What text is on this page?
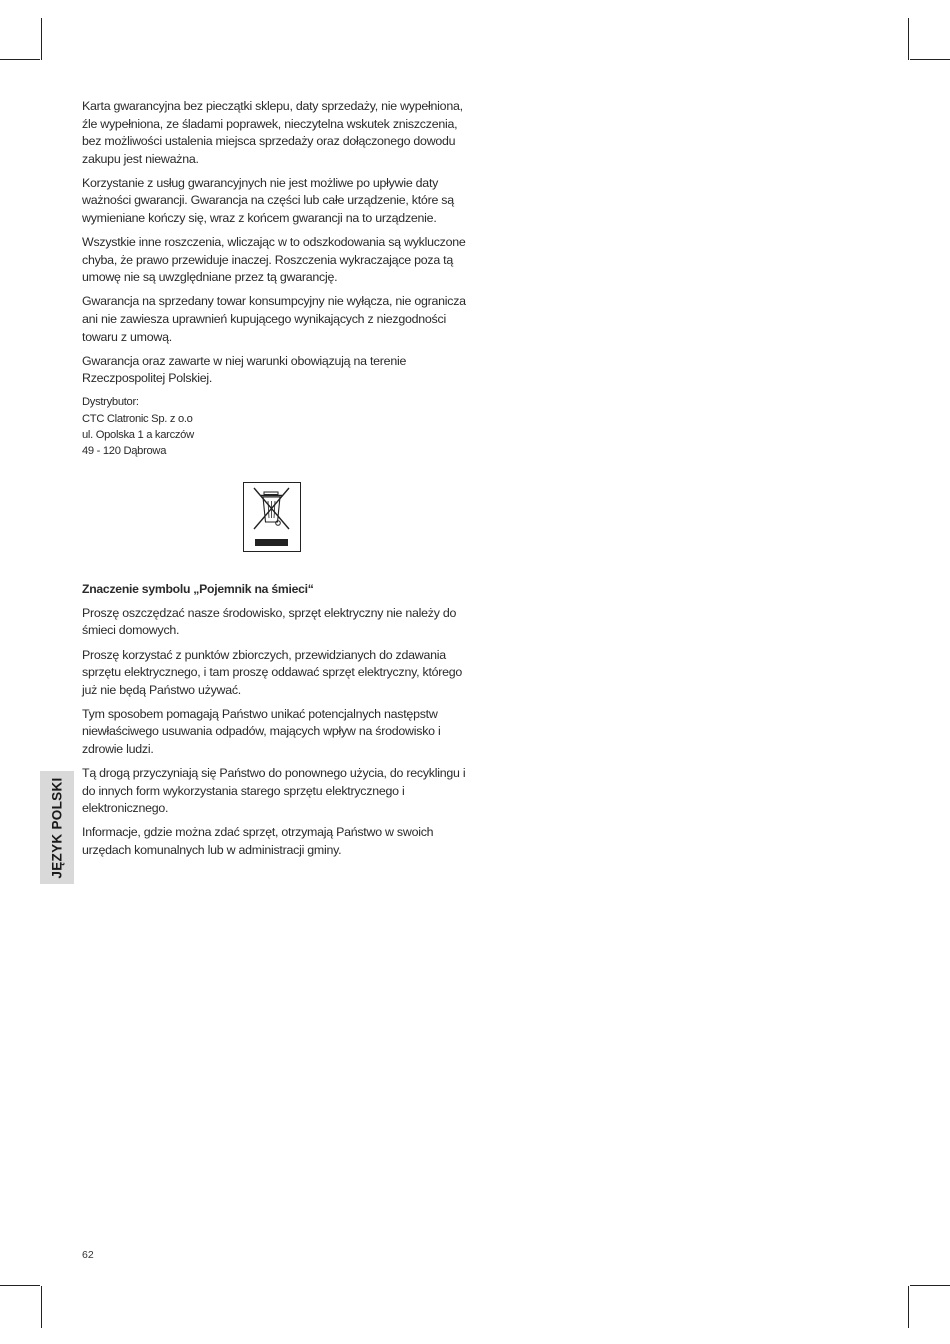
Karta gwarancyjna bez pieczątki sklepu, daty sprzedaży, nie wypełniona, źle wypełniona, ze śladami poprawek, nieczytelna wskutek zniszczenia, bez możliwości ustalenia miejsca sprzedaży oraz dołączonego dowodu zakupu jest nieważna.

Korzystanie z usług gwarancyjnych nie jest możliwe po upływie daty ważności gwarancji. Gwarancja na części lub całe urządzenie, które są wymieniane kończy się, wraz z końcem gwarancji na to urządzenie.

Wszystkie inne roszczenia, wliczając w to odszkodowania są wykluczone chyba, że prawo przewiduje inaczej. Roszczenia wykraczające poza tą umowę nie są uwzględniane przez tą gwarancję.

Gwarancja na sprzedany towar konsumpcyjny nie wyłącza, nie ogranicza ani nie zawiesza uprawnień kupującego wynikających z niezgodności towaru z umową.

Gwarancja oraz zawarte w niej warunki obowiązują na terenie Rzeczpospolitej Polskiej.

Dystrybutor:
CTC Clatronic Sp. z o.o
ul. Opolska 1 a karczów
49 - 120 Dąbrowa

Znaczenie symbolu „Pojemnik na śmieci“

Proszę oszczędzać nasze środowisko, sprzęt elektryczny nie należy do śmieci domowych.

Proszę korzystać z punktów zbiorczych, przewidzianych do zdawania sprzętu elektrycznego, i tam proszę oddawać sprzęt elektryczny, którego już nie będą Państwo używać.

Tym sposobem pomagają Państwo unikać potencjalnych następstw niewłaściwego usuwania odpadów, mających wpływ na środowisko i zdrowie ludzi.

Tą drogą przyczyniają się Państwo do ponownego użycia, do recyklingu i do innych form wykorzystania starego sprzętu elektrycznego i elektronicznego.

Informacje, gdzie można zdać sprzęt, otrzymają Państwo w swoich urzędach komunalnych lub w administracji gminy.

JĘZYK POLSKI
62
